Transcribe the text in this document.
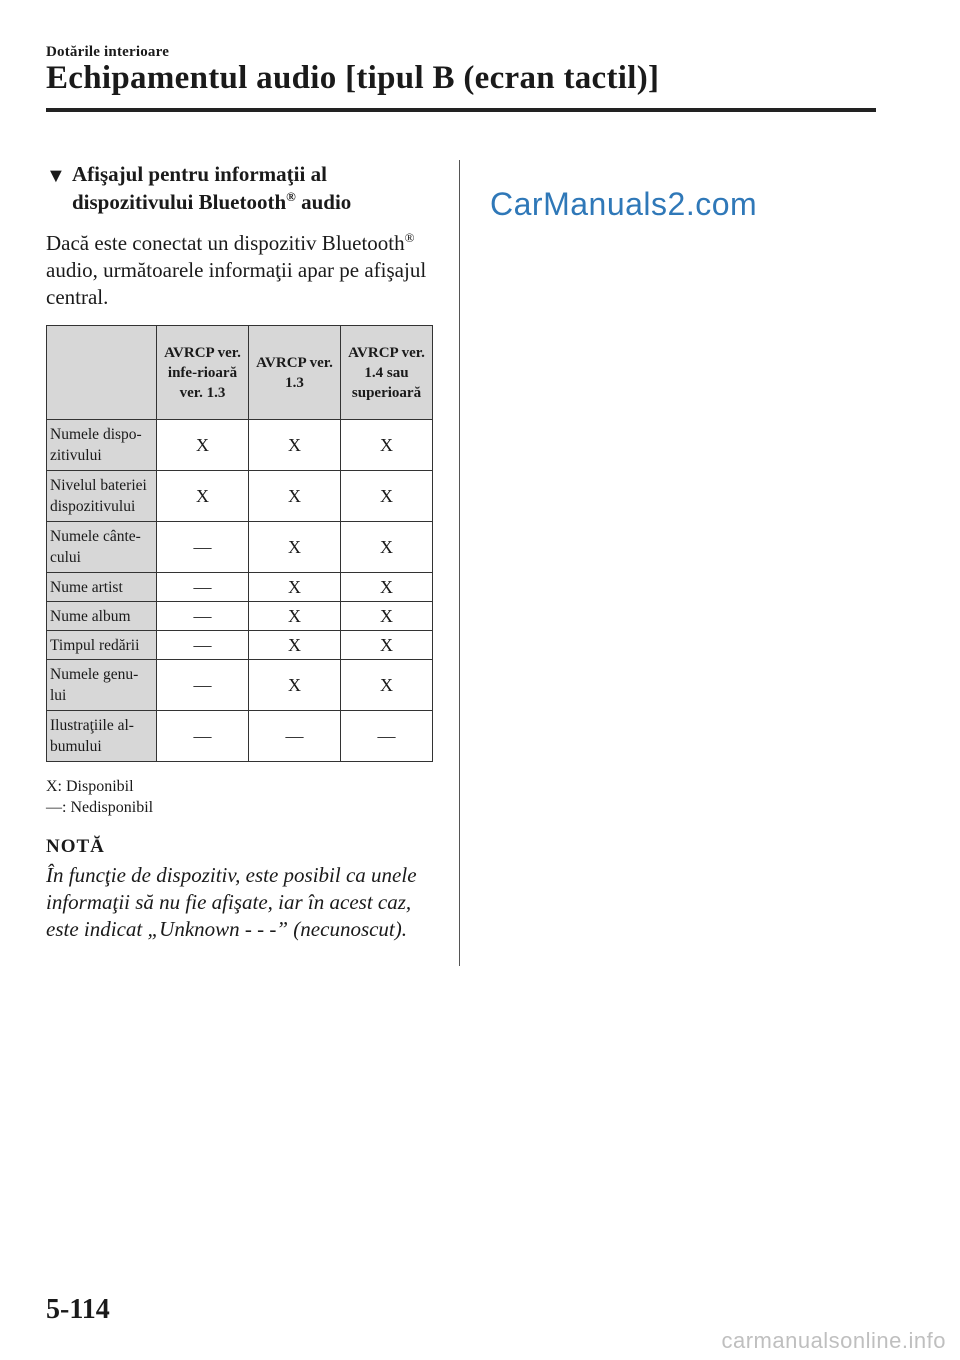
Dotările interioare
Echipamentul audio [tipul B (ecran tactil)]
▼ Afişajul pentru informaţii al
dispozitivului Bluetooth® audio
Dacă este conectat un dispozitiv Bluetooth® audio, următoarele informaţii apar pe afişajul central.
	AVRCP ver. infe-rioară ver. 1.3	AVRCP ver. 1.3	AVRCP ver. 1.4 sau superioară
Numele dispo-zitivului	X	X	X
Nivelul bateriei dispozitivului	X	X	X
Numele cânte-cului	—	X	X
Nume artist	—	X	X
Nume album	—	X	X
Timpul redării	—	X	X
Numele genu-lui	—	X	X
Ilustraţiile al-bumului	—	—	—
X: Disponibil
—: Nedisponibil
NOTĂ
În funcţie de dispozitiv, este posibil ca unele informaţii să nu fie afişate, iar în acest caz, este indicat „Unknown - - -” (necunoscut).
CarManuals2.com
5-114
carmanualsonline.info
